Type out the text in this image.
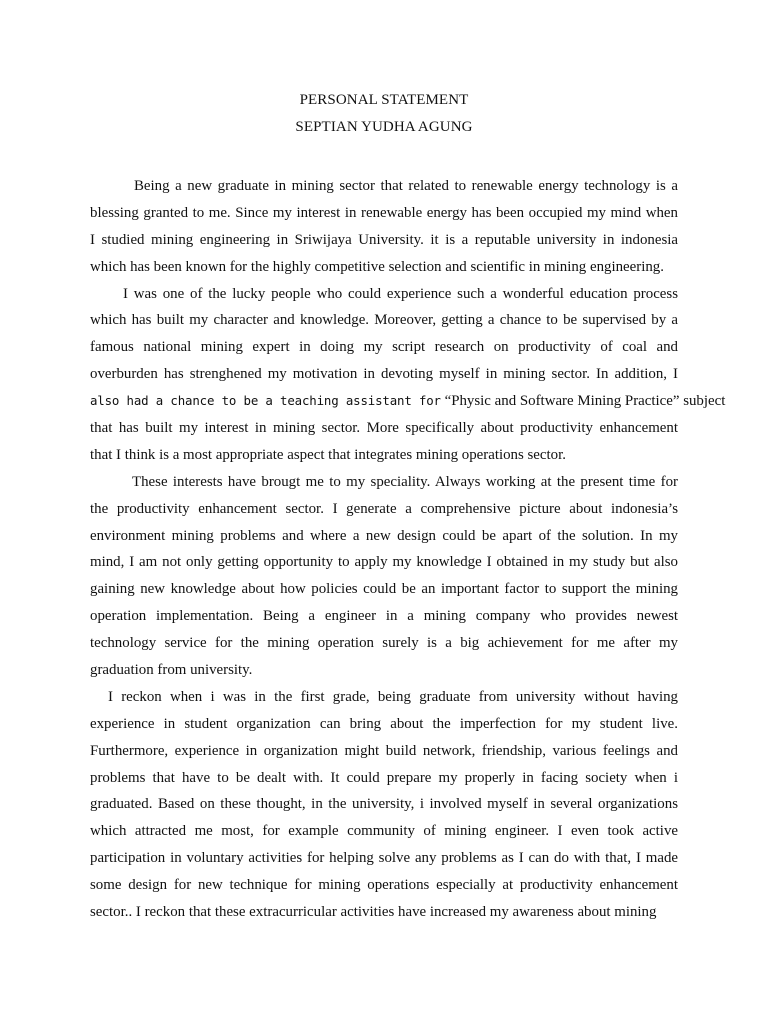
PERSONAL STATEMENT
SEPTIAN YUDHA AGUNG
Being a new graduate in mining sector that related to renewable energy technology is a
blessing granted to me. Since my interest in renewable energy has been occupied my mind when
I studied mining engineering in Sriwijaya University. it is a reputable university in indonesia
which has been known for the highly competitive selection and scientific in mining engineering.
I was one of the lucky people who could experience such a wonderful education process
which has built my character and knowledge. Moreover, getting a chance to be supervised by a
famous national mining expert in doing my script research on productivity of coal and
overburden has strenghened my motivation in devoting myself in mining sector. In addition, I
also had a chance to be a teaching assistant for “Physic and Software Mining Practice” subject
that has built my interest in mining sector. More specifically about productivity enhancement
that I think is a most appropriate aspect that integrates mining operations sector.
These interests have brougt me to my speciality. Always working at the present time for
the productivity enhancement sector. I generate a comprehensive picture about indonesia’s
environment mining problems and where a new design could be apart of the solution. In my
mind, I am not only getting opportunity to apply my knowledge I obtained in my study but also
gaining new knowledge about how policies could be an important factor to support the mining
operation implementation. Being a engineer in a mining company who provides newest
technology service for the mining operation surely is a big achievement for me after my
graduation from university.
I reckon when i was in the first grade, being graduate from university without having
experience in student organization can bring about the imperfection for my student live.
Furthermore, experience in organization might build network, friendship, various feelings and
problems that have to be dealt with. It could prepare my properly in facing society when i
graduated. Based on these thought, in the university, i involved myself in several organizations
which attracted me most, for example community of mining engineer. I even took active
participation in voluntary activities for helping solve any problems as I can do with that, I made
some design for new technique for mining operations especially at productivity enhancement
sector.. I reckon that these extracurricular activities have increased my awareness about mining
